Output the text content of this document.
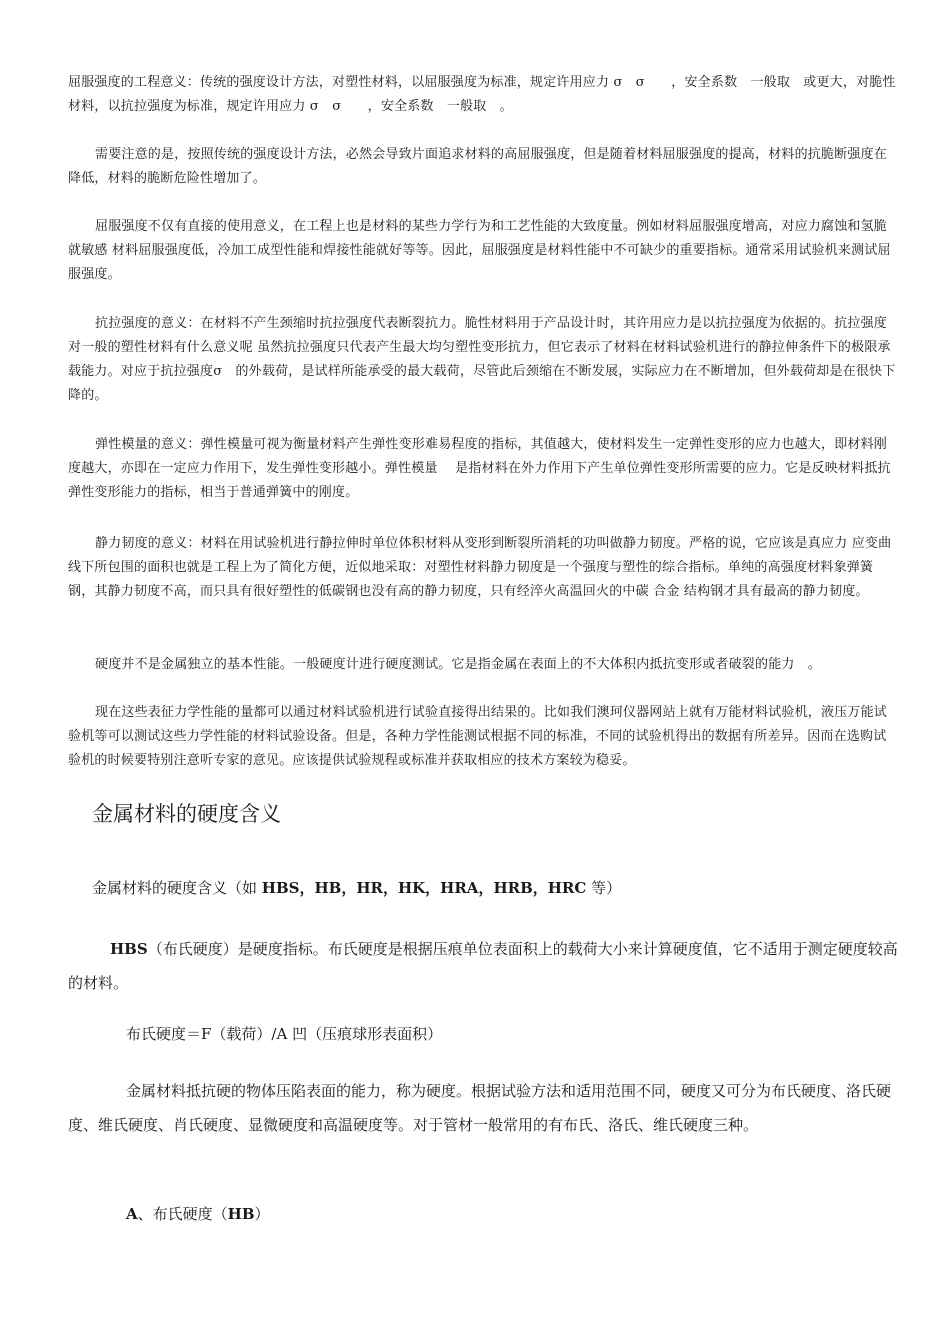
屈服强度的工程意义：传统的强度设计方法，对塑性材料，以屈服强度为标准，规定许用应力 σ　σ　　，安全系数　一般取　或更大，对脆性材料，以抗拉强度为标准，规定许用应力 σ　σ　　，安全系数　一般取　。

需要注意的是，按照传统的强度设计方法，必然会导致片面追求材料的高屈服强度，但是随着材料屈服强度的提高，材料的抗脆断强度在降低，材料的脆断危险性增加了。

屈服强度不仅有直接的使用意义，在工程上也是材料的某些力学行为和工艺性能的大致度量。例如材料屈服强度增高，对应力腐蚀和氢脆就敏感 材料屈服强度低，冷加工成型性能和焊接性能就好等等。因此，屈服强度是材料性能中不可缺少的重要指标。通常采用试验机来测试屈服强度。

抗拉强度的意义：在材料不产生颈缩时抗拉强度代表断裂抗力。脆性材料用于产品设计时，其许用应力是以抗拉强度为依据的。抗拉强度对一般的塑性材料有什么意义呢 虽然抗拉强度只代表产生最大均匀塑性变形抗力，但它表示了材料在材料试验机进行的静拉伸条件下的极限承载能力。对应于抗拉强度σ　的外载荷，是试样所能承受的最大载荷，尽管此后颈缩在不断发展，实际应力在不断增加，但外载荷却是在很快下降的。

弹性模量的意义：弹性模量可视为衡量材料产生弹性变形难易程度的指标，其值越大，使材料发生一定弹性变形的应力也越大，即材料刚度越大，亦即在一定应力作用下，发生弹性变形越小。弹性模量　 是指材料在外力作用下产生单位弹性变形所需要的应力。它是反映材料抵抗弹性变形能力的指标，相当于普通弹簧中的刚度。

静力韧度的意义：材料在用试验机进行静拉伸时单位体积材料从变形到断裂所消耗的功叫做静力韧度。严格的说，它应该是真应力 应变曲线下所包围的面积也就是工程上为了简化方便，近似地采取：对塑性材料静力韧度是一个强度与塑性的综合指标。单纯的高强度材料象弹簧钢，其静力韧度不高，而只具有很好塑性的低碳钢也没有高的静力韧度，只有经淬火高温回火的中碳 合金 结构钢才具有最高的静力韧度。

硬度并不是金属独立的基本性能。一般硬度计进行硬度测试。它是指金属在表面上的不大体积内抵抗变形或者破裂的能力　。

现在这些表征力学性能的量都可以通过材料试验机进行试验直接得出结果的。比如我们澳珂仪器网站上就有万能材料试验机，液压万能试验机等可以测试这些力学性能的材料试验设备。但是，各种力学性能测试根据不同的标准，不同的试验机得出的数据有所差异。因而在选购试验机的时候要特别注意听专家的意见。应该提供试验规程或标准并获取相应的技术方案较为稳妥。

金属材料的硬度含义

金属材料的硬度含义（如 HBS，HB，HR，HK，HRA，HRB，HRC 等）

HBS（布氏硬度）是硬度指标。布氏硬度是根据压痕单位表面积上的载荷大小来计算硬度值，它不适用于测定硬度较高的材料。

布氏硬度＝F（载荷）/A 凹（压痕球形表面积）

金属材料抵抗硬的物体压陷表面的能力，称为硬度。根据试验方法和适用范围不同，硬度又可分为布氏硬度、洛氏硬度、维氏硬度、肖氏硬度、显微硬度和高温硬度等。对于管材一般常用的有布氏、洛氏、维氏硬度三种。

A、布氏硬度（HB）
